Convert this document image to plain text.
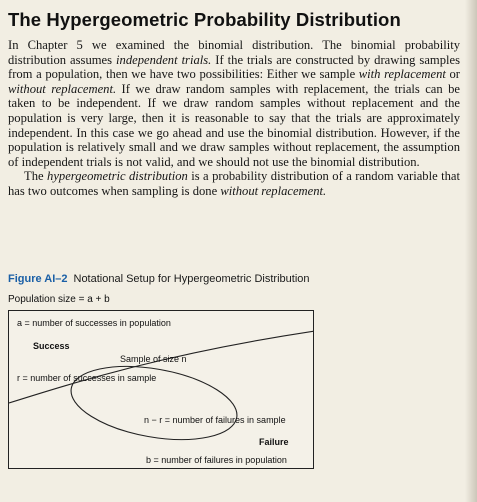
The Hypergeometric Probability Distribution

In Chapter 5 we examined the binomial distribution. The binomial probability distribution assumes independent trials. If the trials are constructed by drawing samples from a population, then we have two possibilities: Either we sample with replacement or without replacement. If we draw random samples with replacement, the trials can be taken to be independent. If we draw random samples without replacement and the population is very large, then it is reasonable to say that the trials are approximately independent. In this case we go ahead and use the binomial distribution. However, if the population is relatively small and we draw samples without replacement, the assumption of independent trials is not valid, and we should not use the binomial distribution.

The hypergeometric distribution is a probability distribution of a random variable that has two outcomes when sampling is done without replacement.

Figure AI–2 Notational Setup for Hypergeometric Distribution
Population size = a + b
a = number of successes in population
Success
Sample of size n
r = number of successes in sample
n − r = number of failures in sample
Failure
b = number of failures in population
